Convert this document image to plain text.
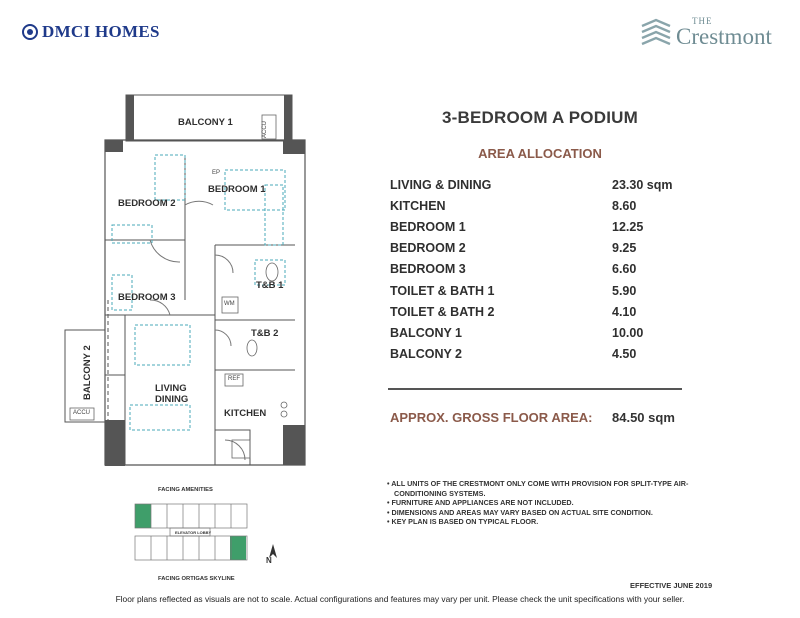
DMCI HOMES
THE
Crestmont
BALCONY 1
BEDROOM 1
BEDROOM 2
BEDROOM 3
T&B 1
T&B 2
LIVING
DINING
KITCHEN
BALCONY 2
ACCU
ACCU
WM
REF
EP
FACING AMENITIES
ELEVATOR LOBBY
FACING ORTIGAS SKYLINE
N
3-BEDROOM A PODIUM
AREA ALLOCATION
LIVING & DINING	23.30 sqm
KITCHEN	8.60
BEDROOM 1	12.25
BEDROOM 2	9.25
BEDROOM 3	6.60
TOILET & BATH 1	5.90
TOILET & BATH 2	4.10
BALCONY 1	10.00
BALCONY 2	4.50
APPROX. GROSS FLOOR AREA: 84.50 sqm
• ALL UNITS OF THE CRESTMONT ONLY COME WITH PROVISION FOR SPLIT-TYPE AIR-CONDITIONING SYSTEMS.
• FURNITURE AND APPLIANCES ARE NOT INCLUDED.
• DIMENSIONS AND AREAS MAY VARY BASED ON ACTUAL SITE CONDITION.
• KEY PLAN IS BASED ON TYPICAL FLOOR.
EFFECTIVE JUNE 2019
Floor plans reflected as visuals are not to scale. Actual configurations and features may vary per unit. Please check the unit specifications with your seller.
